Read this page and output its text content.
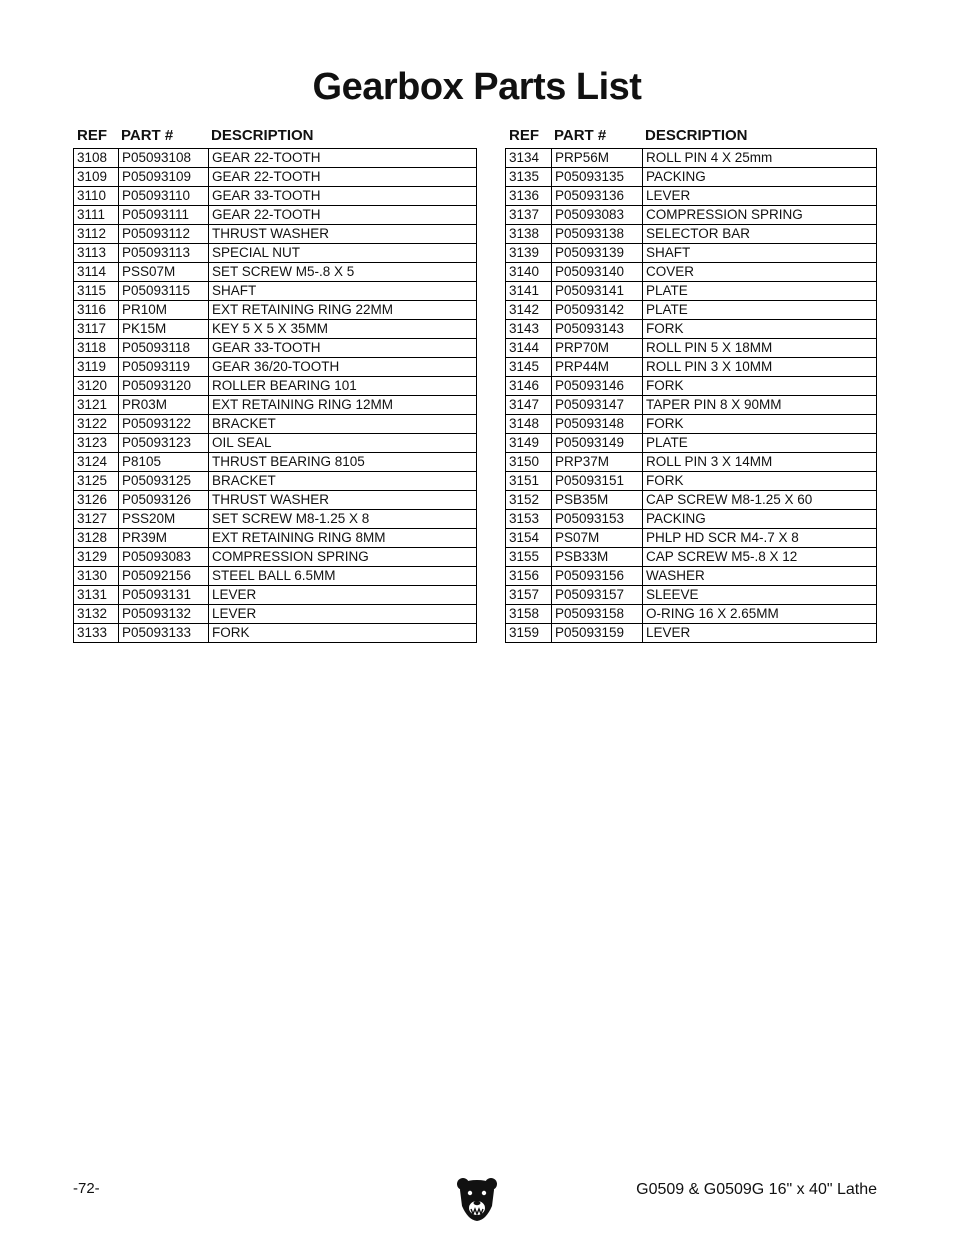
Gearbox Parts List
REF PART #	DESCRIPTION
3108	P05093108	GEAR 22-TOOTH
3109	P05093109	GEAR 22-TOOTH
3110	P05093110	GEAR 33-TOOTH
3111	P05093111	GEAR 22-TOOTH
3112	P05093112	THRUST WASHER
3113	P05093113	SPECIAL NUT
3114	PSS07M	SET SCREW M5-.8 X 5
3115	P05093115	SHAFT
3116	PR10M	EXT RETAINING RING 22MM
3117	PK15M	KEY 5 X 5 X 35MM
3118	P05093118	GEAR 33-TOOTH
3119	P05093119	GEAR 36/20-TOOTH
3120	P05093120	ROLLER BEARING 101
3121	PR03M	EXT RETAINING RING 12MM
3122	P05093122	BRACKET
3123	P05093123	OIL SEAL
3124	P8105	THRUST BEARING 8105
3125	P05093125	BRACKET
3126	P05093126	THRUST WASHER
3127	PSS20M	SET SCREW M8-1.25 X 8
3128	PR39M	EXT RETAINING RING 8MM
3129	P05093083	COMPRESSION SPRING
3130	P05092156	STEEL BALL 6.5MM
3131	P05093131	LEVER
3132	P05093132	LEVER
3133	P05093133	FORK
REF PART #	DESCRIPTION
3134	PRP56M	ROLL PIN 4 X 25mm
3135	P05093135	PACKING
3136	P05093136	LEVER
3137	P05093083	COMPRESSION SPRING
3138	P05093138	SELECTOR BAR
3139	P05093139	SHAFT
3140	P05093140	COVER
3141	P05093141	PLATE
3142	P05093142	PLATE
3143	P05093143	FORK
3144	PRP70M	ROLL PIN 5 X 18MM
3145	PRP44M	ROLL PIN 3 X 10MM
3146	P05093146	FORK
3147	P05093147	TAPER PIN 8 X 90MM
3148	P05093148	FORK
3149	P05093149	PLATE
3150	PRP37M	ROLL PIN 3 X 14MM
3151	P05093151	FORK
3152	PSB35M	CAP SCREW M8-1.25 X 60
3153	P05093153	PACKING
3154	PS07M	PHLP HD SCR M4-.7 X 8
3155	PSB33M	CAP SCREW M5-.8 X 12
3156	P05093156	WASHER
3157	P05093157	SLEEVE
3158	P05093158	O-RING 16 X 2.65MM
3159	P05093159	LEVER
-72-	G0509 & G0509G 16" x 40" Lathe
